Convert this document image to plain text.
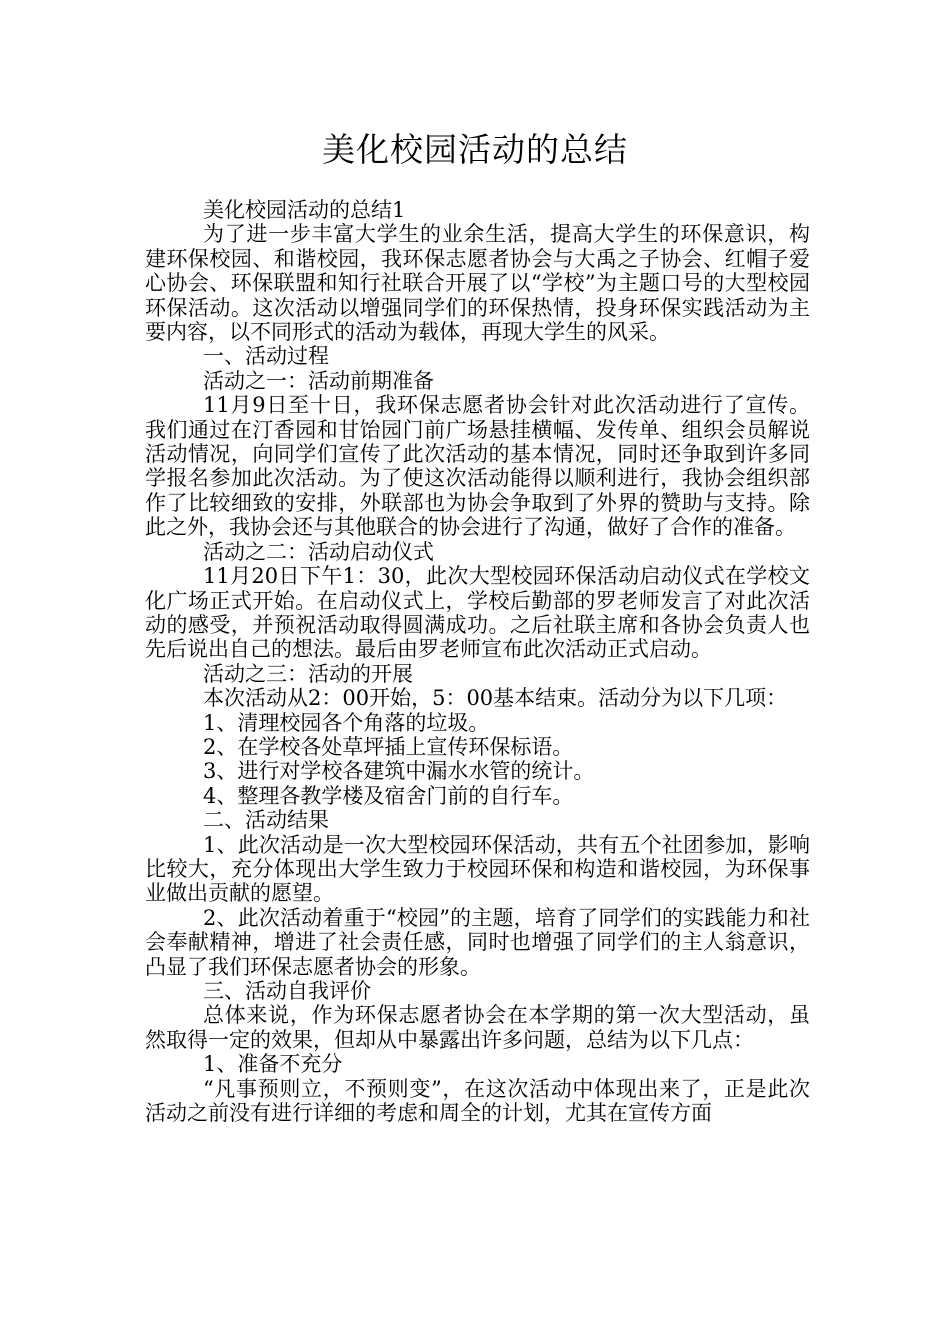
美化校园活动的总结

美化校园活动的总结1

为了进一步丰富大学生的业余生活，提高大学生的环保意识，构建环保校园、和谐校园，我环保志愿者协会与大禹之子协会、红帽子爱心协会、环保联盟和知行社联合开展了以“学校”为主题口号的大型校园环保活动。这次活动以增强同学们的环保热情，投身环保实践活动为主要内容，以不同形式的活动为载体，再现大学生的风采。

一、活动过程

活动之一：活动前期准备

11月9日至十日，我环保志愿者协会针对此次活动进行了宣传。我们通过在汀香园和甘饴园门前广场悬挂横幅、发传单、组织会员解说活动情况，向同学们宣传了此次活动的基本情况，同时还争取到许多同学报名参加此次活动。为了使这次活动能得以顺利进行，我协会组织部作了比较细致的安排，外联部也为协会争取到了外界的赞助与支持。除此之外，我协会还与其他联合的协会进行了沟通，做好了合作的准备。

活动之二：活动启动仪式

11月20日下午1：30，此次大型校园环保活动启动仪式在学校文化广场正式开始。在启动仪式上，学校后勤部的罗老师发言了对此次活动的感受，并预祝活动取得圆满成功。之后社联主席和各协会负责人也先后说出自己的想法。最后由罗老师宣布此次活动正式启动。

活动之三：活动的开展

本次活动从2：00开始，5：00基本结束。活动分为以下几项：

1、清理校园各个角落的垃圾。

2、在学校各处草坪插上宣传环保标语。

3、进行对学校各建筑中漏水水管的统计。

4、整理各教学楼及宿舍门前的自行车。

二、活动结果

1、此次活动是一次大型校园环保活动，共有五个社团参加，影响比较大，充分体现出大学生致力于校园环保和构造和谐校园，为环保事业做出贡献的愿望。

2、此次活动着重于“校园”的主题，培育了同学们的实践能力和社会奉献精神，增进了社会责任感，同时也增强了同学们的主人翁意识，凸显了我们环保志愿者协会的形象。

三、活动自我评价

总体来说，作为环保志愿者协会在本学期的第一次大型活动，虽然取得一定的效果，但却从中暴露出许多问题，总结为以下几点：

1、准备不充分

“凡事预则立，不预则变”，在这次活动中体现出来了，正是此次活动之前没有进行详细的考虑和周全的计划，尤其在宣传方面
